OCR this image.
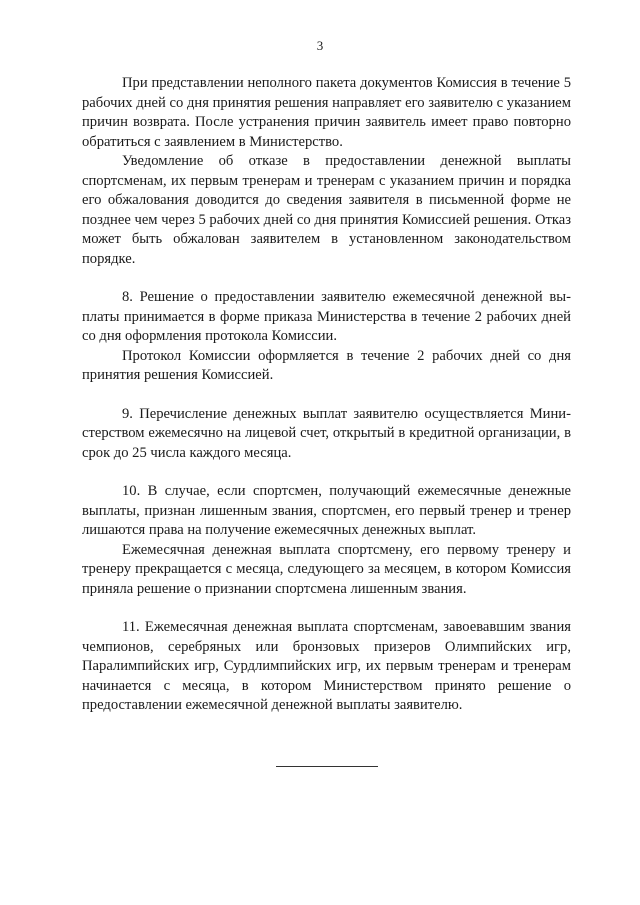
3

При представлении неполного пакета документов Комиссия в течение 5 рабочих дней со дня принятия решения направляет его заявителю с указанием причин возврата. После устранения причин заявитель имеет право повторно обратиться с заявлением в Министерство.

Уведомление об отказе в предоставлении денежной выплаты спортсменам, их первым тренерам и тренерам с указанием причин и порядка его обжалования доводится до сведения заявителя в письменной форме не позднее чем через 5 рабочих дней со дня принятия Комиссией решения. Отказ может быть обжалован заявителем в установленном законодательством порядке.

8. Решение о предоставлении заявителю ежемесячной денежной выплаты принимается в форме приказа Министерства в течение 2 рабочих дней со дня оформления протокола Комиссии.

Протокол Комиссии оформляется в течение 2 рабочих дней со дня принятия решения Комиссией.

9. Перечисление денежных выплат заявителю осуществляется Министерством ежемесячно на лицевой счет, открытый в кредитной организации, в срок до 25 числа каждого месяца.

10. В случае, если спортсмен, получающий ежемесячные денежные выплаты, признан лишенным звания, спортсмен, его первый тренер и тренер лишаются права на получение ежемесячных денежных выплат.

Ежемесячная денежная выплата спортсмену, его первому тренеру и тренеру прекращается с месяца, следующего за месяцем, в котором Комиссия приняла решение о признании спортсмена лишенным звания.

11. Ежемесячная денежная выплата спортсменам, завоевавшим звания чемпионов, серебряных или бронзовых призеров Олимпийских игр, Паралимпийских игр, Сурдлимпийских игр, их первым тренерам и тренерам начинается с месяца, в котором Министерством принято решение о предоставлении ежемесячной денежной выплаты заявителю.
